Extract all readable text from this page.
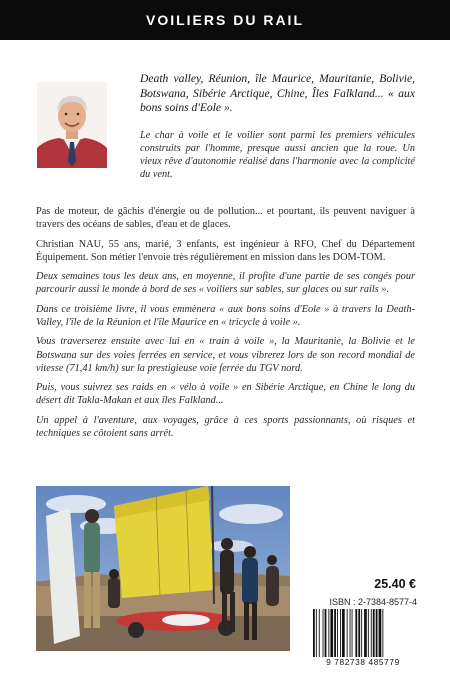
VOILIERS DU RAIL
Death valley, Réunion, île Maurice, Mauritanie, Bolivie, Botswana, Sibérie Arctique, Chine, Îles Falkland... « aux bons soins d'Eole ».
Le char à voile et le voilier sont parmi les premiers véhicules construits par l'homme, presque aussi ancien que la roue. Un vieux rêve d'autonomie réalisé dans l'harmonie avec la complicité du vent.

Pas de moteur, de gâchis d'énergie ou de pollution... et pourtant, ils peuvent naviguer à travers des océans de sables, d'eau et de glaces.

Christian NAU, 55 ans, marié, 3 enfants, est ingénieur à RFO, Chef du Département Équipement. Son métier l'envoie très régulièrement en mission dans les DOM-TOM.

Deux semaines tous les deux ans, en moyenne, il profite d'une partie de ses congés pour parcourir aussi le monde à bord de ses « voiliers sur sables, sur glaces ou sur rails ».

Dans ce troisième livre, il vous emmènera « aux bons soins d'Eole » à travers la Death-Valley, l'île de la Réunion et l'île Maurice en « tricycle à voile ».

Vous traverserez ensuite avec lui en « train à voile », la Mauritanie, la Bolivie et le Botswana sur des voies ferrées en service, et vous vibrerez lors de son record mondial de vitesse (71,41 km/h) sur la prestigieuse voie ferrée du TGV nord.

Puis, vous suivrez ses raids en « vélo à voile » en Sibérie Arctique, en Chine le long du désert dit Takla-Makan et aux îles Falkland...

Un appel à l'aventure, aux voyages, grâce à ces sports passionnants, où risques et techniques se côtoient sans arrêt.

25.40 €
ISBN : 2-7384-8577-4
9 782738 485779
